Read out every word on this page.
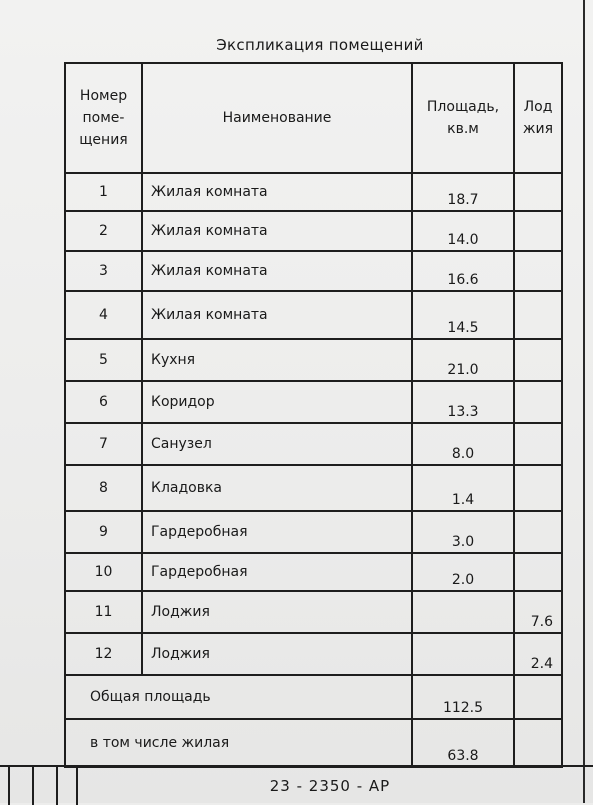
Экспликация помещений
Номер поме-щения	Наименование	Площадь, кв.м	Лод жия
1	Жилая комната	18.7	
2	Жилая комната	14.0	
3	Жилая комната	16.6	
4	Жилая комната	14.5	
5	Кухня	21.0	
6	Коридор	13.3	
7	Санузел	8.0	
8	Кладовка	1.4	
9	Гардеробная	3.0	
10	Гардеробная	2.0	
11	Лоджия		7.6
12	Лоджия		2.4
Общая площадь		112.5	
в том числе жилая		63.8	
23 - 2350 - АР
